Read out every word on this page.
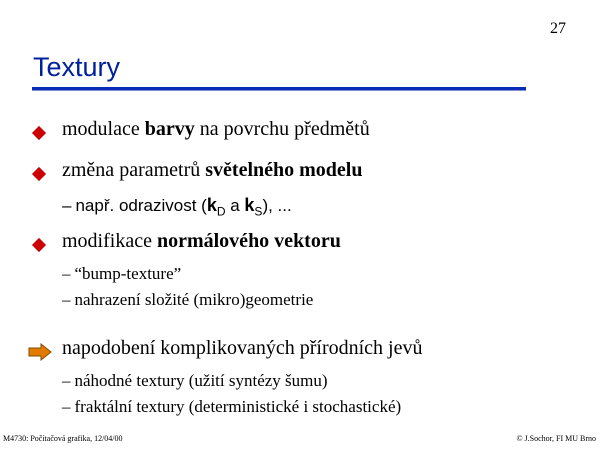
27
Textury
modulace barvy na povrchu předmětů
změna parametrů světelného modelu
– např. odrazivost ($k_D$ a $k_S$), ...
modifikace normálového vektoru
– “bump-texture”
– nahrazení složité (mikro)geometrie
napodobení komplikovaných přírodních jevů
– náhodné textury (užití syntézy šumu)
– fraktální textury (deterministické i stochastické)
M4730: Počítačová grafika, 12/04/00	© J.Sochor, FI MU Brno
